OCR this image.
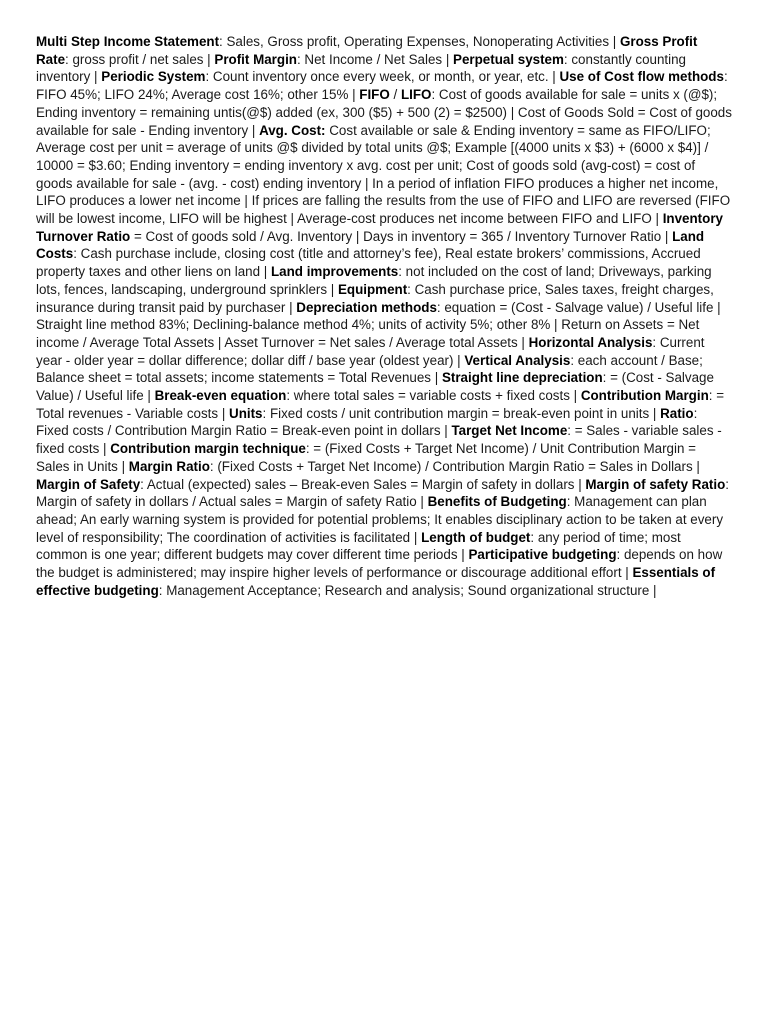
Multi Step Income Statement: Sales, Gross profit, Operating Expenses, Nonoperating Activities | Gross Profit Rate: gross profit / net sales | Profit Margin: Net Income / Net Sales | Perpetual system: constantly counting inventory | Periodic System: Count inventory once every week, or month, or year, etc. | Use of Cost flow methods: FIFO 45%; LIFO 24%; Average cost 16%; other 15% | FIFO / LIFO: Cost of goods available for sale = units x (@$); Ending inventory = remaining untis(@$) added (ex, 300 ($5) + 500 (2) = $2500) | Cost of Goods Sold = Cost of goods available for sale - Ending inventory | Avg. Cost: Cost available or sale & Ending inventory = same as FIFO/LIFO; Average cost per unit = average of units @$ divided by total units @$; Example [(4000 units x $3) + (6000 x $4)] / 10000 = $3.60; Ending inventory = ending inventory x avg. cost per unit; Cost of goods sold (avg-cost) = cost of goods available for sale - (avg. - cost) ending inventory | In a period of inflation FIFO produces a higher net income, LIFO produces a lower net income | If prices are falling the results from the use of FIFO and LIFO are reversed (FIFO will be lowest income, LIFO will be highest | Average-cost produces net income between FIFO and LIFO | Inventory Turnover Ratio = Cost of goods sold / Avg. Inventory | Days in inventory = 365 / Inventory Turnover Ratio | Land Costs: Cash purchase include, closing cost (title and attorney’s fee), Real estate brokers’ commissions, Accrued property taxes and other liens on land | Land improvements: not included on the cost of land; Driveways, parking lots, fences, landscaping, underground sprinklers | Equipment: Cash purchase price, Sales taxes, freight charges, insurance during transit paid by purchaser | Depreciation methods: equation = (Cost - Salvage value) / Useful life | Straight line method 83%; Declining-balance method 4%; units of activity 5%; other 8% | Return on Assets = Net income / Average Total Assets | Asset Turnover = Net sales / Average total Assets | Horizontal Analysis: Current year - older year = dollar difference; dollar diff / base year (oldest year) | Vertical Analysis: each account / Base; Balance sheet = total assets; income statements = Total Revenues | Straight line depreciation: = (Cost - Salvage Value) / Useful life | Break-even equation: where total sales = variable costs + fixed costs | Contribution Margin: = Total revenues - Variable costs | Units: Fixed costs / unit contribution margin = break-even point in units | Ratio: Fixed costs / Contribution Margin Ratio = Break-even point in dollars | Target Net Income: = Sales - variable sales - fixed costs | Contribution margin technique: = (Fixed Costs + Target Net Income) / Unit Contribution Margin = Sales in Units | Margin Ratio: (Fixed Costs + Target Net Income) / Contribution Margin Ratio = Sales in Dollars | Margin of Safety: Actual (expected) sales – Break-even Sales = Margin of safety in dollars | Margin of safety Ratio: Margin of safety in dollars / Actual sales = Margin of safety Ratio | Benefits of Budgeting: Management can plan ahead; An early warning system is provided for potential problems; It enables disciplinary action to be taken at every level of responsibility; The coordination of activities is facilitated | Length of budget: any period of time; most common is one year; different budgets may cover different time periods | Participative budgeting: depends on how the budget is administered; may inspire higher levels of performance or discourage additional effort | Essentials of effective budgeting: Management Acceptance; Research and analysis; Sound organizational structure |
